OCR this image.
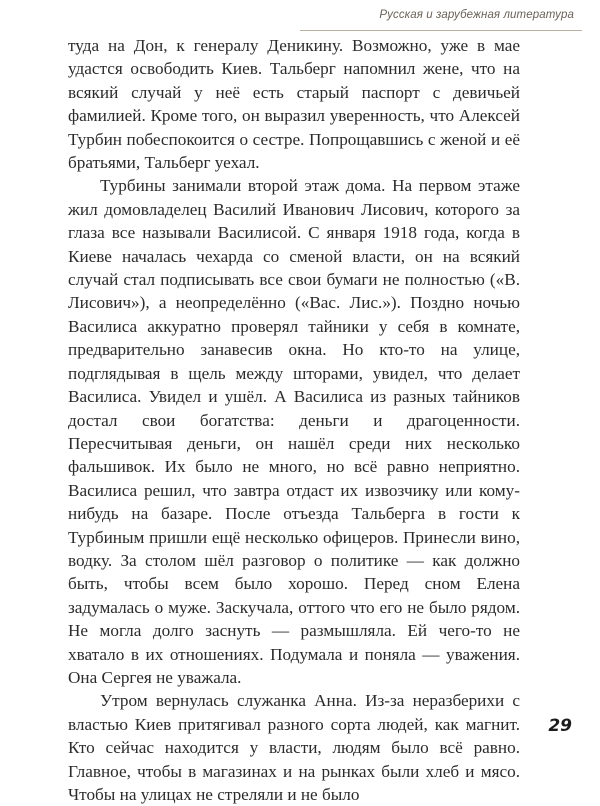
Русская и зарубежная литература

туда на Дон, к генералу Деникину. Возможно, уже в мае удастся освободить Киев. Тальберг напомнил жене, что на всякий случай у неё есть старый паспорт с девичьей фамилией. Кроме того, он выразил уверенность, что Алексей Турбин побеспокоится о сестре. Попрощавшись с женой и её братьями, Тальберг уехал.

Турбины занимали второй этаж дома. На первом этаже жил домовладелец Василий Иванович Лисович, которого за глаза все называли Василисой. С января 1918 года, когда в Киеве началась чехарда со сменой власти, он на всякий случай стал подписывать все свои бумаги не полностью («В. Лисович»), а неопределённо («Вас. Лис.»). Поздно ночью Василиса аккуратно проверял тайники у себя в комнате, предварительно занавесив окна. Но кто-то на улице, подглядывая в щель между шторами, увидел, что делает Василиса. Увидел и ушёл. А Василиса из разных тайников достал свои богатства: деньги и драгоценности. Пересчитывая деньги, он нашёл среди них несколько фальшивок. Их было не много, но всё равно неприятно. Василиса решил, что завтра отдаст их извозчику или кому-нибудь на базаре. После отъезда Тальберга в гости к Турбиным пришли ещё несколько офицеров. Принесли вино, водку. За столом шёл разговор о политике — как должно быть, чтобы всем было хорошо. Перед сном Елена задумалась о муже. Заскучала, оттого что его не было рядом. Не могла долго заснуть — размышляла. Ей чего-то не хватало в их отношениях. Подумала и поняла — уважения. Она Сергея не уважала.

Утром вернулась служанка Анна. Из-за неразберихи с властью Киев притягивал разного сорта людей, как магнит. Кто сейчас находится у власти, людям было всё равно. Главное, чтобы в магазинах и на рынках были хлеб и мясо. Чтобы на улицах не стреляли и не было

29
